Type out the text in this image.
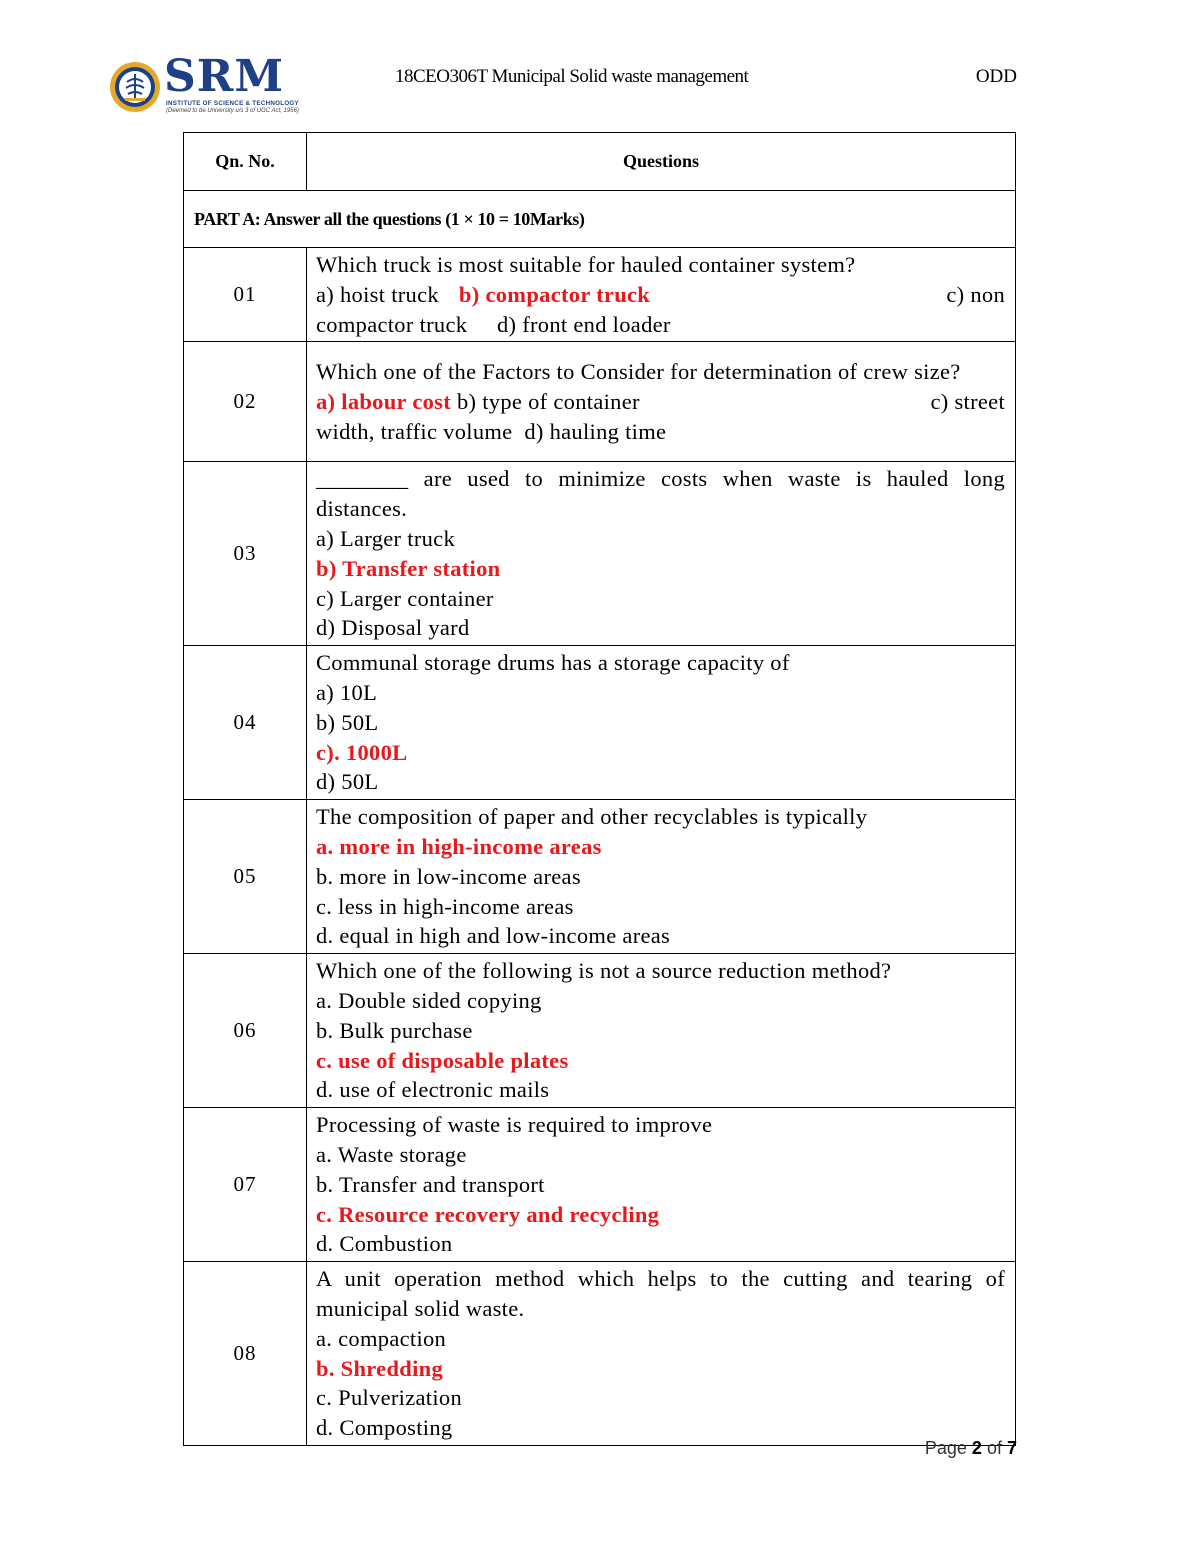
SRM
INSTITUTE OF SCIENCE & TECHNOLOGY
(Deemed to be University u/s 3 of UGC Act, 1956)
18CEO306T Municipal Solid waste management	ODD
Qn. No.	Questions
PART A: Answer all the questions (1 × 10 = 10Marks)	
01	Which truck is most suitable for hauled container system?
a) hoist truck b) compactor truck c) non
compactor truck d) front end loader

02	Which one of the Factors to Consider for determination of crew size?
a) labour cost b) type of container c) street
width, traffic volume d) hauling time

03	________ are used to minimize costs when waste is hauled long distances.
a) Larger truck
b) Transfer station
c) Larger container
d) Disposal yard

04	Communal storage drums has a storage capacity of
a) 10L
b) 50L
c). 1000L
d) 50L

05	The composition of paper and other recyclables is typically
a. more in high-income areas
b. more in low-income areas
c. less in high-income areas
d. equal in high and low-income areas

06	Which one of the following is not a source reduction method?
a. Double sided copying
b. Bulk purchase
c. use of disposable plates
d. use of electronic mails

07	Processing of waste is required to improve
a. Waste storage
b. Transfer and transport
c. Resource recovery and recycling
d. Combustion

08	A unit operation method which helps to the cutting and tearing of municipal solid waste.
a. compaction
b. Shredding
c. Pulverization
d. Composting
Page 2 of 7
